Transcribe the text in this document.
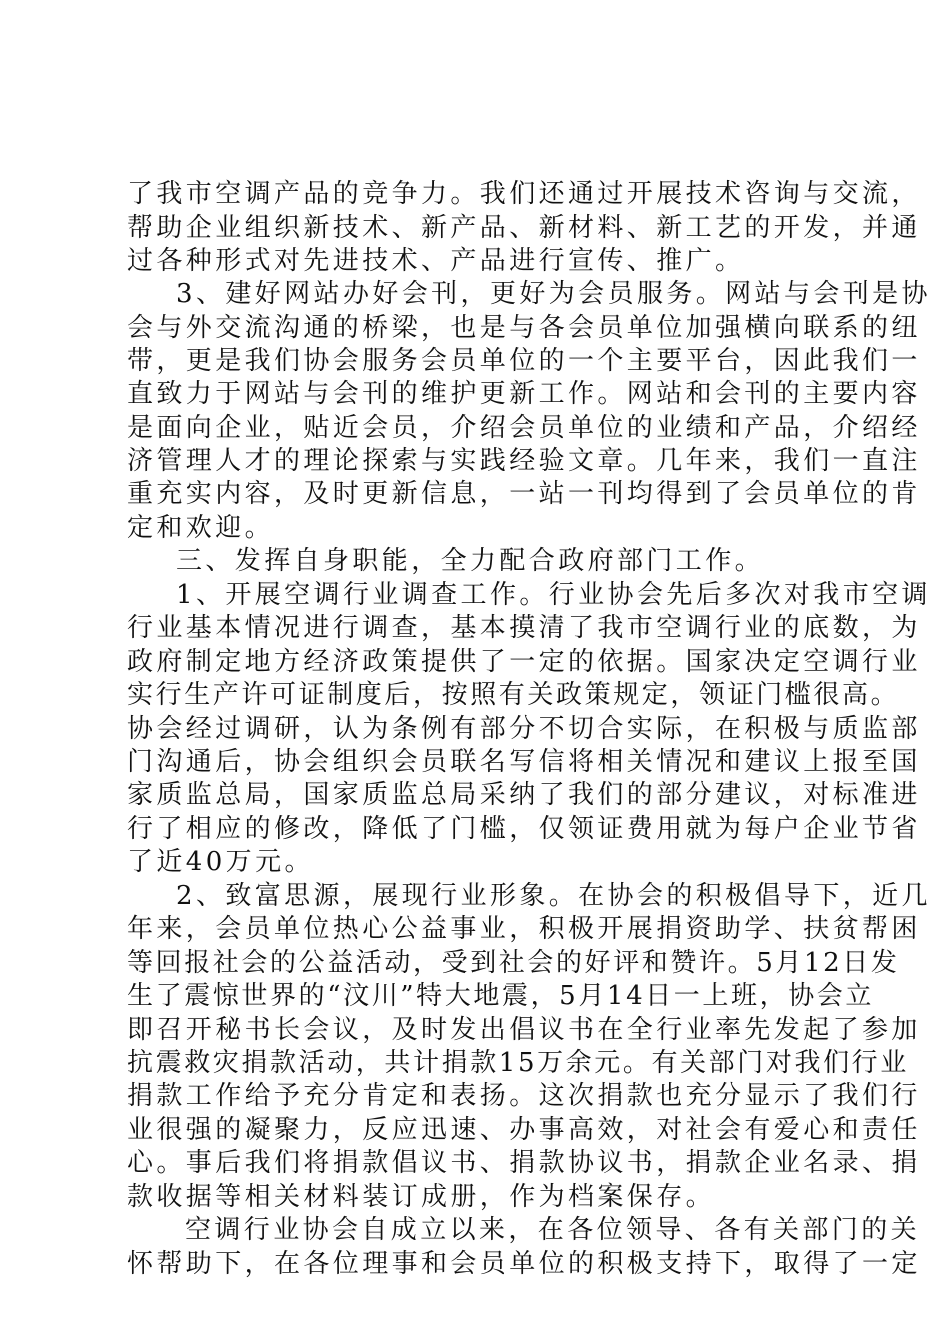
了我市空调产品的竞争力。我们还通过开展技术咨询与交流，
帮助企业组织新技术、新产品、新材料、新工艺的开发，并通
过各种形式对先进技术、产品进行宣传、推广。
3、建好网站办好会刊，更好为会员服务。网站与会刊是协
会与外交流沟通的桥梁，也是与各会员单位加强横向联系的纽
带，更是我们协会服务会员单位的一个主要平台，因此我们一
直致力于网站与会刊的维护更新工作。网站和会刊的主要内容
是面向企业，贴近会员，介绍会员单位的业绩和产品，介绍经
济管理人才的理论探索与实践经验文章。几年来，我们一直注
重充实内容，及时更新信息，一站一刊均得到了会员单位的肯
定和欢迎。
三、发挥自身职能，全力配合政府部门工作。
1、开展空调行业调查工作。行业协会先后多次对我市空调
行业基本情况进行调查，基本摸清了我市空调行业的底数，为
政府制定地方经济政策提供了一定的依据。国家决定空调行业
实行生产许可证制度后，按照有关政策规定，领证门槛很高。
协会经过调研，认为条例有部分不切合实际，在积极与质监部
门沟通后，协会组织会员联名写信将相关情况和建议上报至国
家质监总局，国家质监总局采纳了我们的部分建议，对标准进
行了相应的修改，降低了门槛，仅领证费用就为每户企业节省
了近40万元。
2、致富思源，展现行业形象。在协会的积极倡导下，近几
年来，会员单位热心公益事业，积极开展捐资助学、扶贫帮困
等回报社会的公益活动，受到社会的好评和赞许。5月12日发
生了震惊世界的“汶川”特大地震，5月14日一上班，协会立
即召开秘书长会议，及时发出倡议书在全行业率先发起了参加
抗震救灾捐款活动，共计捐款15万余元。有关部门对我们行业
捐款工作给予充分肯定和表扬。这次捐款也充分显示了我们行
业很强的凝聚力，反应迅速、办事高效，对社会有爱心和责任
心。事后我们将捐款倡议书、捐款协议书，捐款企业名录、捐
款收据等相关材料装订成册，作为档案保存。
空调行业协会自成立以来，在各位领导、各有关部门的关
怀帮助下，在各位理事和会员单位的积极支持下，取得了一定
